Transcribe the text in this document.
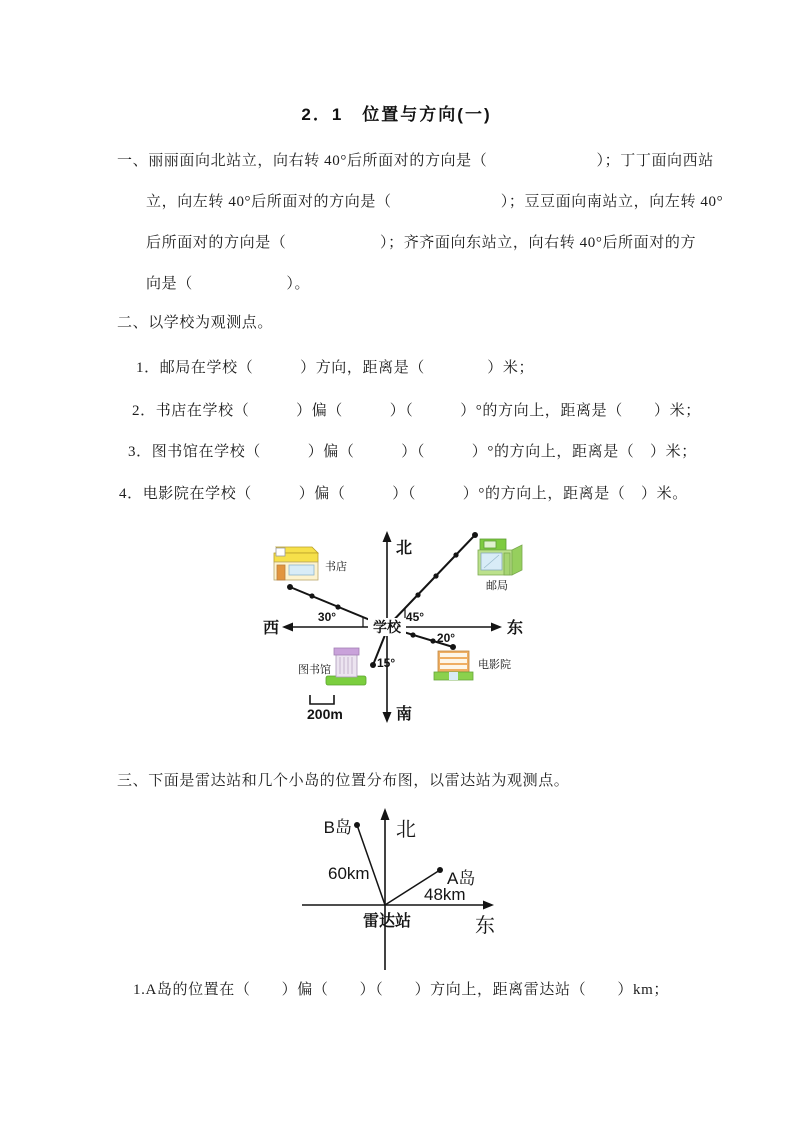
2．1　位置与方向(一)
一、丽丽面向北站立，向右转 40°后所面对的方向是（　　　　　　　）；丁丁面向西站
立，向左转 40°后所面对的方向是（　　　　　　　）；豆豆面向南站立，向左转 40°
后所面对的方向是（　　　　　　）；齐齐面向东站立，向右转 40°后所面对的方
向是（　　　　　　）。
二、以学校为观测点。
1．邮局在学校（　　　）方向，距离是（　　　　）米；
2．书店在学校（　　　）偏（　　　）（　　　）°的方向上，距离是（　　）米；
3．图书馆在学校（　　　）偏（　　　）（　　　）°的方向上，距离是（　）米；
4．电影院在学校（　　　）偏（　　　）（　　　）°的方向上，距离是（　）米。
学校
北
南
西	东
30°	45°
20°
15°
书店
邮局
图书馆	电影院
200m
三、下面是雷达站和几个小岛的位置分布图，以雷达站为观测点。
北
东
B岛
A岛
60km
48km
雷达站
1.A岛的位置在（　　）偏（　　）（　　）方向上，距离雷达站（　　）km；
